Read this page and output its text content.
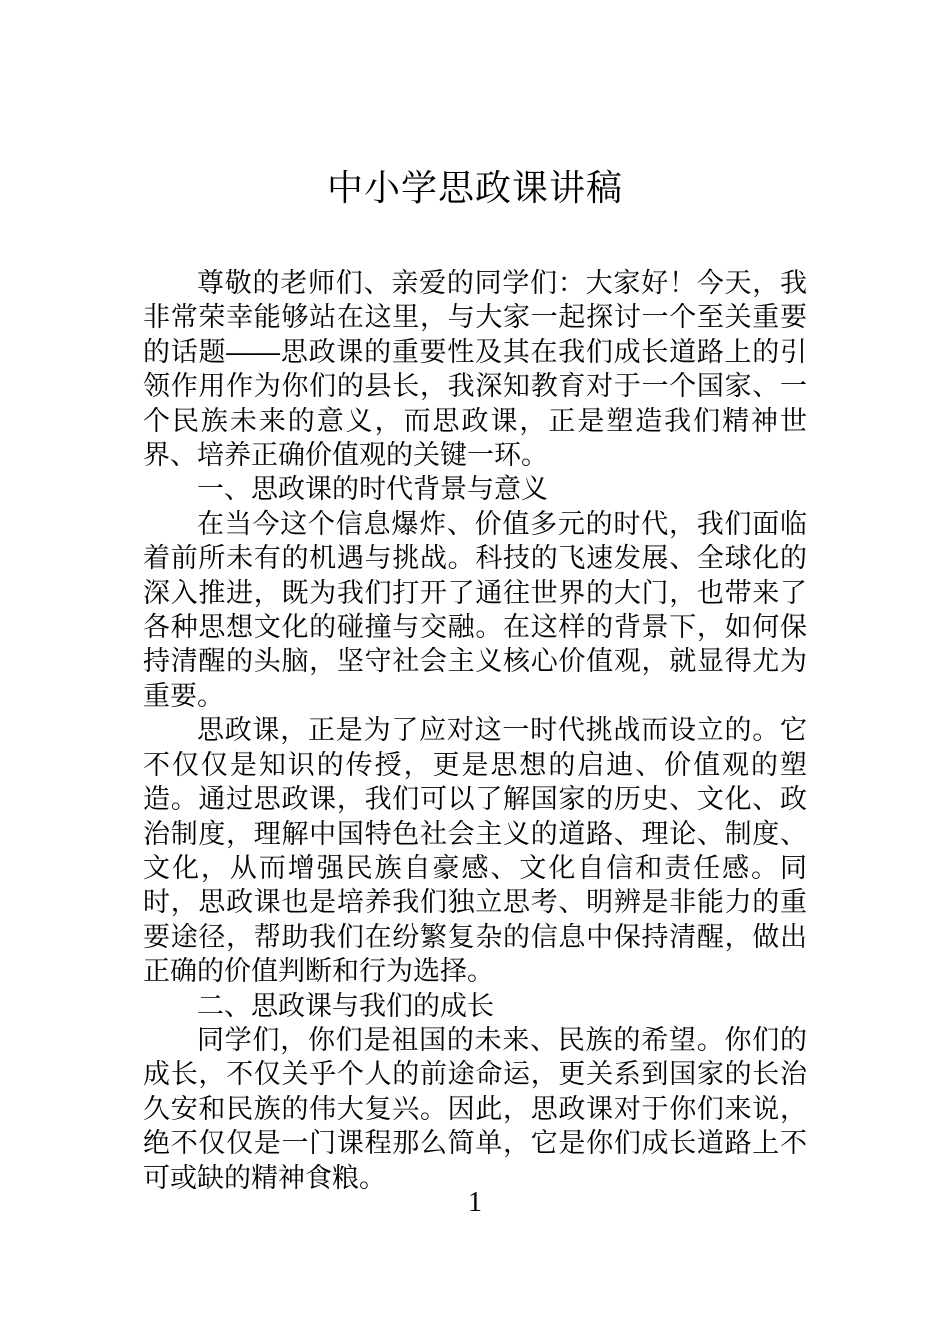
中小学思政课讲稿

尊敬的老师们、亲爱的同学们：大家好！今天，我非常荣幸能够站在这里，与大家一起探讨一个至关重要的话题——思政课的重要性及其在我们成长道路上的引领作用作为你们的县长，我深知教育对于一个国家、一个民族未来的意义，而思政课，正是塑造我们精神世界、培养正确价值观的关键一环。

一、思政课的时代背景与意义

在当今这个信息爆炸、价值多元的时代，我们面临着前所未有的机遇与挑战。科技的飞速发展、全球化的深入推进，既为我们打开了通往世界的大门，也带来了各种思想文化的碰撞与交融。在这样的背景下，如何保持清醒的头脑，坚守社会主义核心价值观，就显得尤为重要。

思政课，正是为了应对这一时代挑战而设立的。它不仅仅是知识的传授，更是思想的启迪、价值观的塑造。通过思政课，我们可以了解国家的历史、文化、政治制度，理解中国特色社会主义的道路、理论、制度、文化，从而增强民族自豪感、文化自信和责任感。同时，思政课也是培养我们独立思考、明辨是非能力的重要途径，帮助我们在纷繁复杂的信息中保持清醒，做出正确的价值判断和行为选择。

二、思政课与我们的成长

同学们，你们是祖国的未来、民族的希望。你们的成长，不仅关乎个人的前途命运，更关系到国家的长治久安和民族的伟大复兴。因此，思政课对于你们来说，绝不仅仅是一门课程那么简单，它是你们成长道路上不可或缺的精神食粮。

1
